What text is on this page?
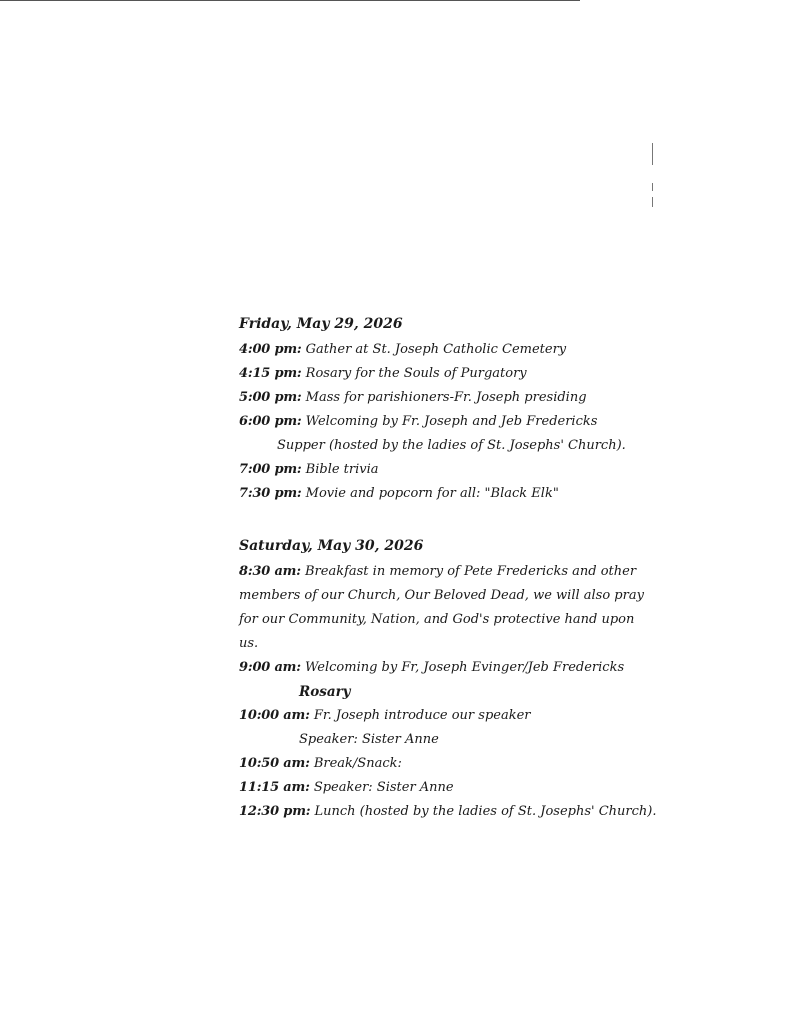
Friday, May 29, 2026
4:00 pm: Gather at St. Joseph Catholic Cemetery
4:15 pm: Rosary for the Souls of Purgatory
5:00 pm: Mass for parishioners-Fr. Joseph presiding
6:00 pm: Welcoming by Fr. Joseph and Jeb Fredericks
Supper (hosted by the ladies of St. Josephs' Church).
7:00 pm: Bible trivia
7:30 pm: Movie and popcorn for all: "Black Elk"
Saturday, May 30, 2026
8:30 am: Breakfast in memory of Pete Fredericks and other
members of our Church, Our Beloved Dead, we will also pray
for our Community, Nation, and God's protective hand upon
us.
9:00 am: Welcoming by Fr, Joseph Evinger/Jeb Fredericks
Rosary
10:00 am: Fr. Joseph introduce our speaker
Speaker: Sister Anne
10:50 am: Break/Snack:
11:15 am: Speaker: Sister Anne
12:30 pm: Lunch (hosted by the ladies of St. Josephs' Church).
